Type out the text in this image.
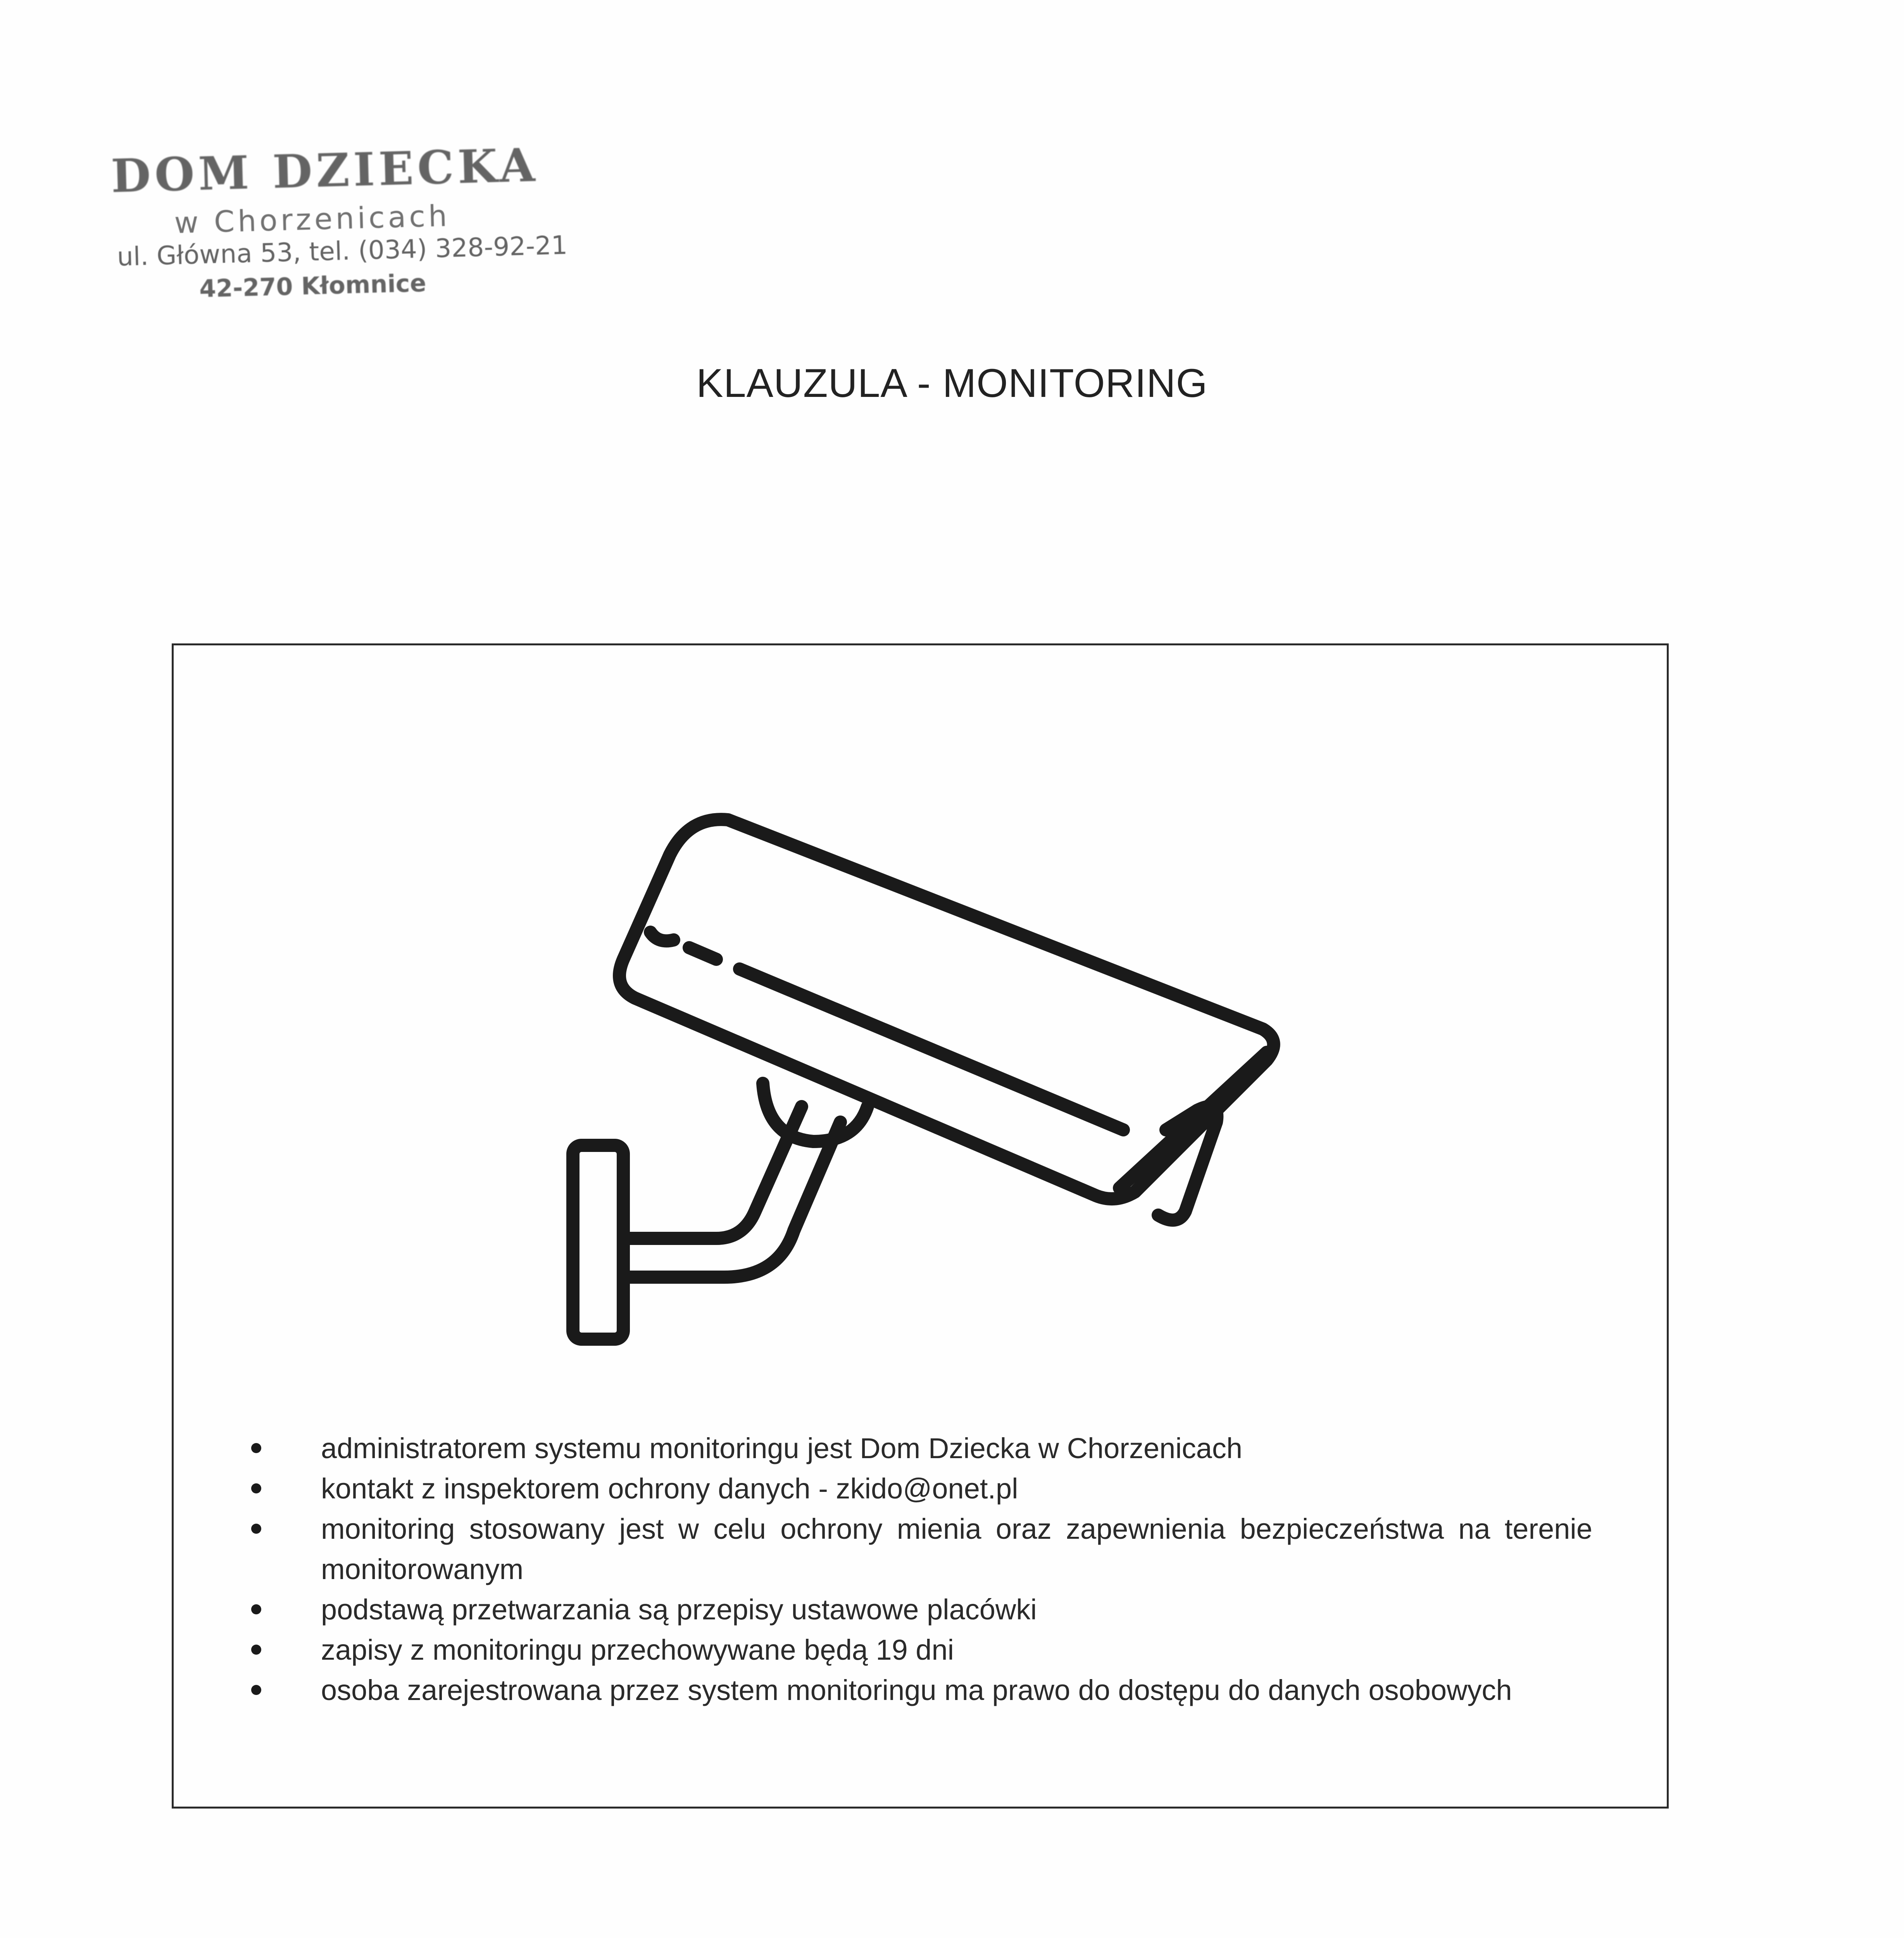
DOM DZIECKA
w Chorzenicach
ul. Główna 53, tel. (034) 328-92-21
42-270 Kłomnice
KLAUZULA - MONITORING
administratorem systemu monitoringu jest Dom Dziecka w Chorzenicach
kontakt z inspektorem ochrony danych - zkido@onet.pl
monitoring stosowany jest w celu ochrony mienia oraz zapewnienia bezpieczeństwa na terenie monitorowanym
podstawą przetwarzania są przepisy ustawowe placówki
zapisy z monitoringu przechowywane będą 19 dni
osoba zarejestrowana przez system monitoringu ma prawo do dostępu do danych osobowych
